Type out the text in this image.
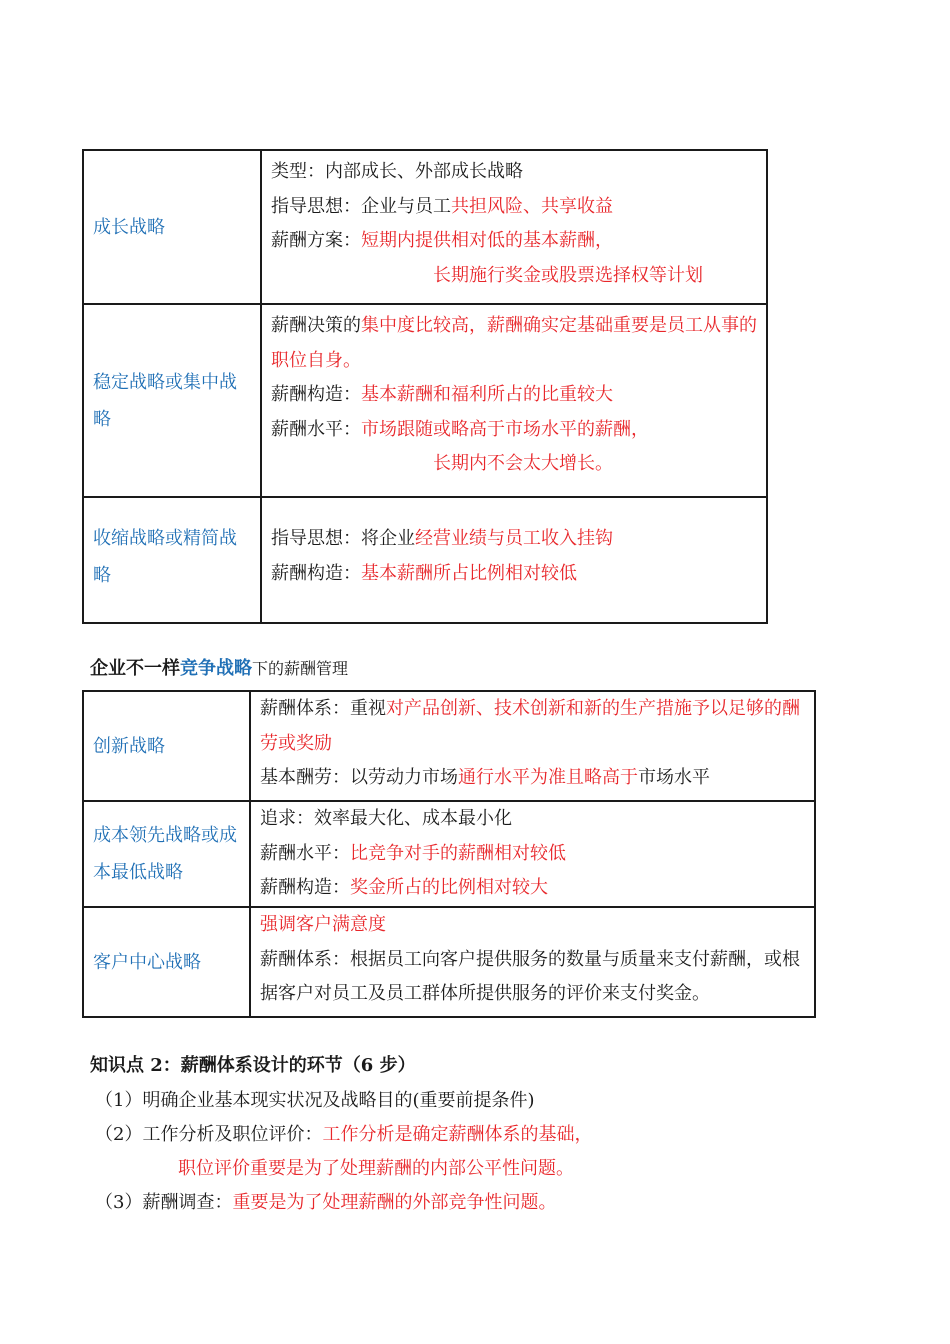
成长战略	类型：内部成长、外部成长战略
指导思想：企业与员工共担风险、共享收益
薪酬方案：短期内提供相对低的基本薪酬，
长期施行奖金或股票选择权等计划

稳定战略或集中战略	薪酬决策的集中度比较高，薪酬确实定基础重要是员工从事的职位自身。
薪酬构造：基本薪酬和福利所占的比重较大
薪酬水平：市场跟随或略高于市场水平的薪酬，
长期内不会太大增长。

收缩战略或精简战略	指导思想：将企业经营业绩与员工收入挂钩
薪酬构造：基本薪酬所占比例相对较低
企业不一样竞争战略下的薪酬管理
创新战略	薪酬体系：重视对产品创新、技术创新和新的生产措施予以足够的酬劳或奖励
基本酬劳：以劳动力市场通行水平为准且略高于市场水平

成本领先战略或成本最低战略	追求：效率最大化、成本最小化
薪酬水平：比竞争对手的薪酬相对较低
薪酬构造：奖金所占的比例相对较大

客户中心战略	强调客户满意度
薪酬体系：根据员工向客户提供服务的数量与质量来支付薪酬，或根据客户对员工及员工群体所提供服务的评价来支付奖金。
知识点 2：薪酬体系设计的环节（6 步）
（1）明确企业基本现实状况及战略目的(重要前提条件)
（2）工作分析及职位评价：工作分析是确定薪酬体系的基础，
职位评价重要是为了处理薪酬的内部公平性问题。
（3）薪酬调查：重要是为了处理薪酬的外部竞争性问题。
